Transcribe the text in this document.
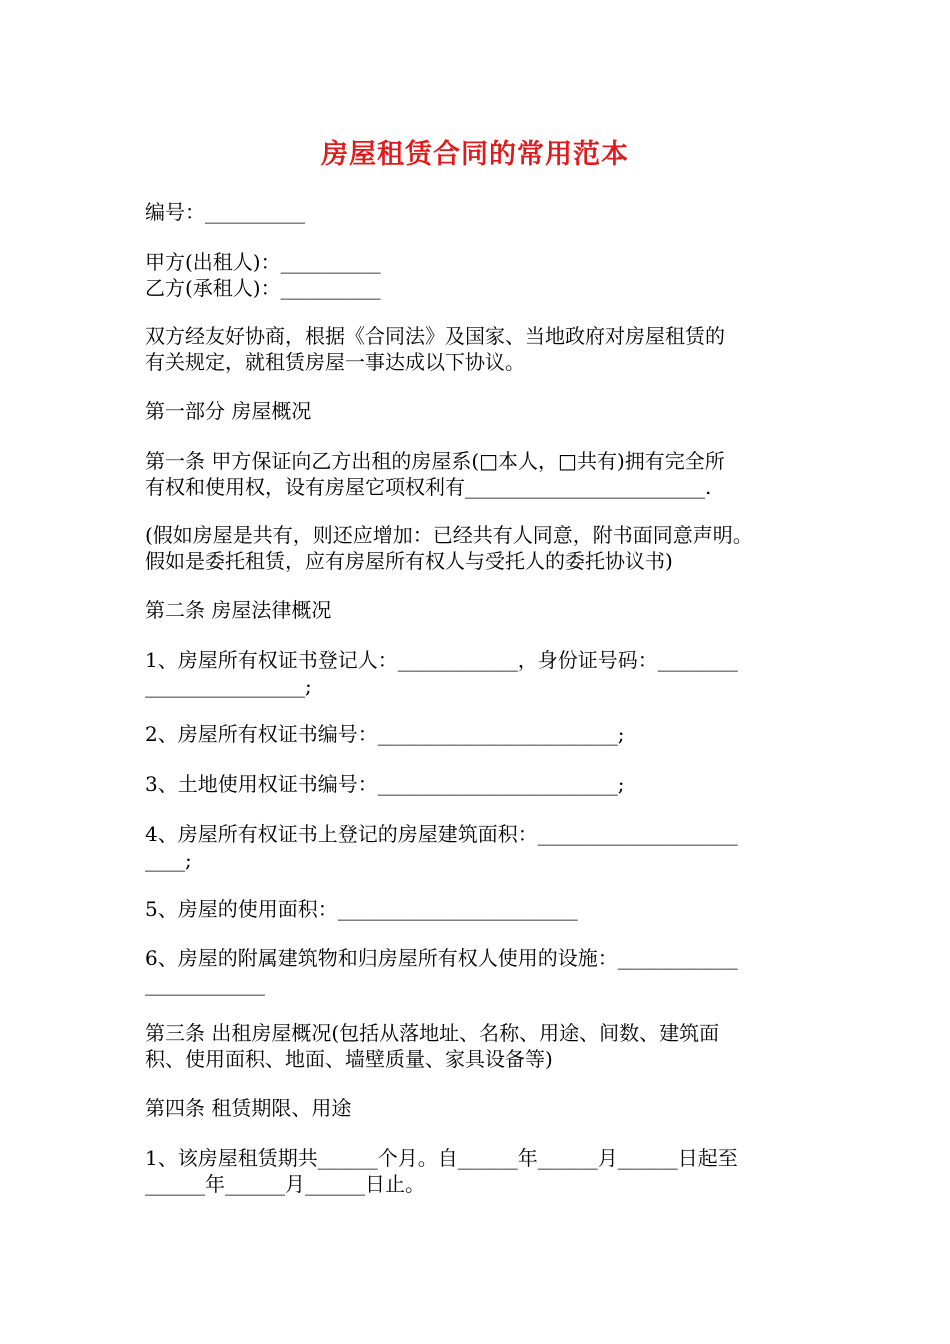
房屋租赁合同的常用范本
编号：__________
甲方(出租人)：__________
乙方(承租人)：__________
双方经友好协商，根据《合同法》及国家、当地政府对房屋租赁的
有关规定，就租赁房屋一事达成以下协议。
第一部分 房屋概况
第一条 甲方保证向乙方出租的房屋系(□本人，□共有)拥有完全所
有权和使用权，设有房屋它项权利有________________________.
(假如房屋是共有，则还应增加：已经共有人同意，附书面同意声明。
假如是委托租赁，应有房屋所有权人与受托人的委托协议书)
第二条 房屋法律概况
1、房屋所有权证书登记人：____________，身份证号码：________
________________;
2、房屋所有权证书编号：________________________;
3、土地使用权证书编号：________________________;
4、房屋所有权证书上登记的房屋建筑面积：____________________
____;
5、房屋的使用面积：________________________
6、房屋的附属建筑物和归房屋所有权人使用的设施：____________
____________
第三条 出租房屋概况(包括从落地址、名称、用途、间数、建筑面
积、使用面积、地面、墙壁质量、家具设备等)
第四条 租赁期限、用途
1、该房屋租赁期共______个月。自______年______月______日起至
______年______月______日止。
